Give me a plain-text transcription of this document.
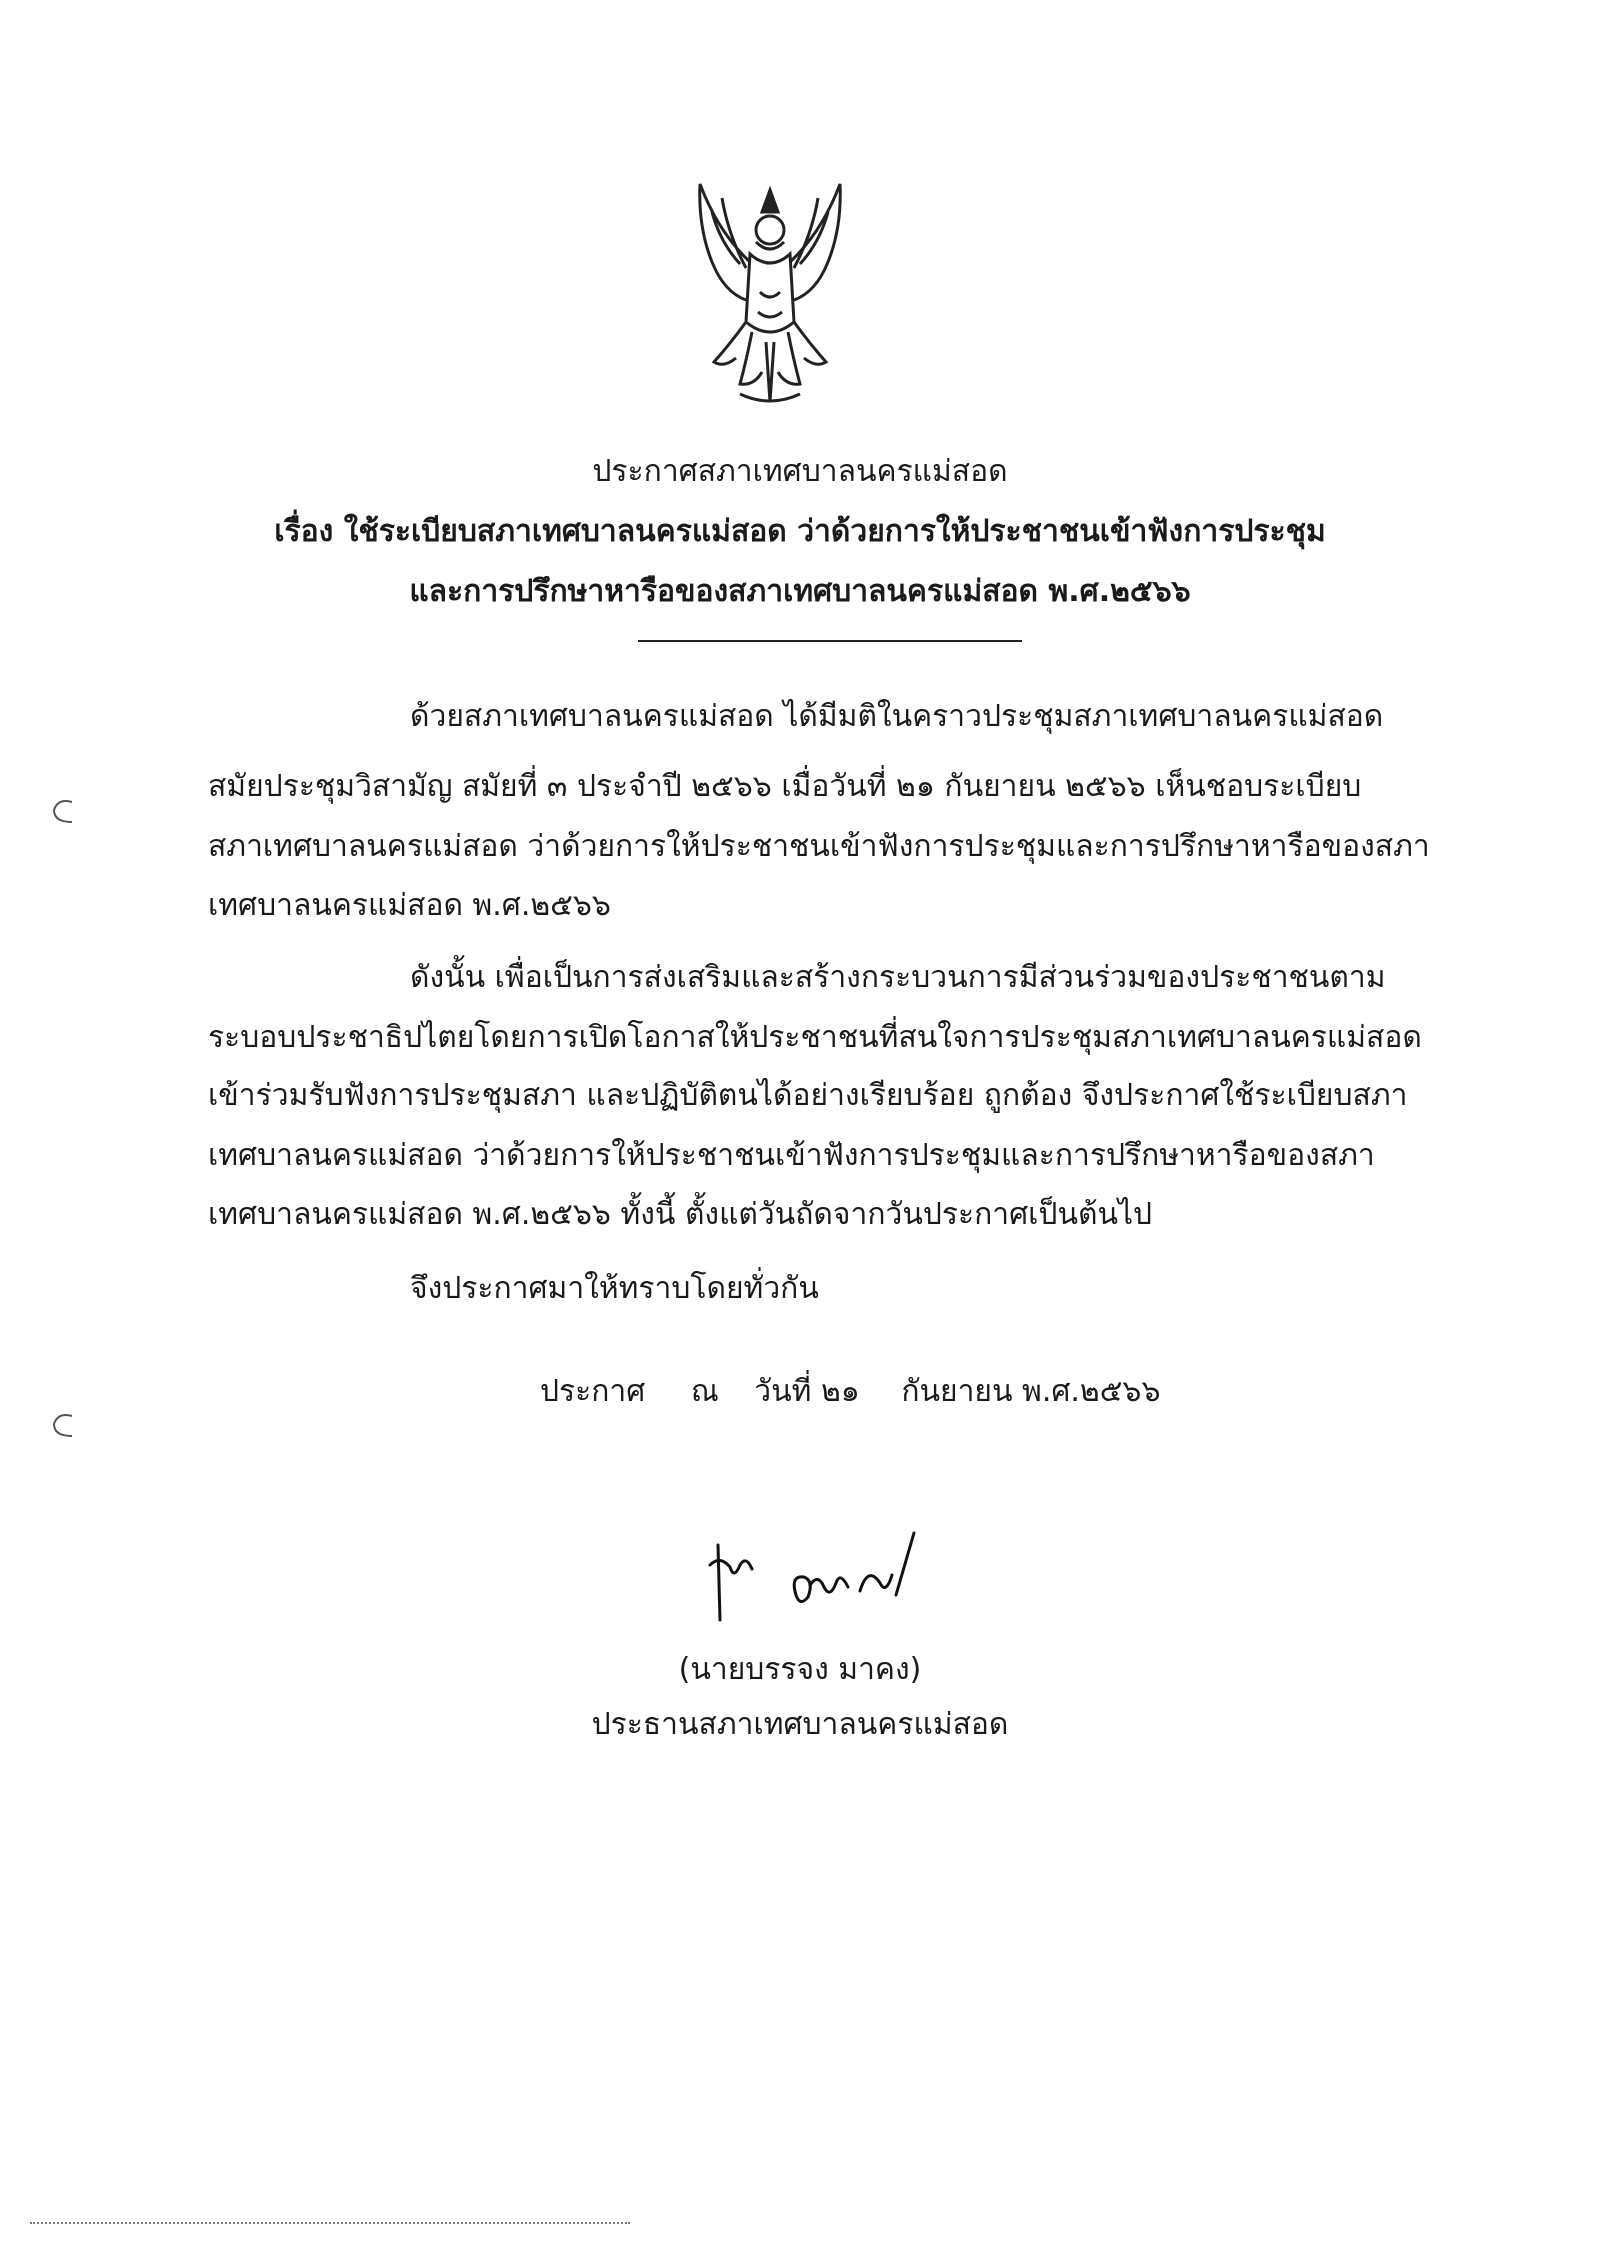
ประกาศสภาเทศบาลนครแม่สอด
เรื่อง ใช้ระเบียบสภาเทศบาลนครแม่สอด ว่าด้วยการให้ประชาชนเข้าฟังการประชุม
และการปรึกษาหารือของสภาเทศบาลนครแม่สอด พ.ศ.๒๕๖๖
ด้วยสภาเทศบาลนครแม่สอด ได้มีมติในคราวประชุมสภาเทศบาลนครแม่สอด
สมัยประชุมวิสามัญ สมัยที่ ๓ ประจำปี ๒๕๖๖ เมื่อวันที่ ๒๑ กันยายน ๒๕๖๖ เห็นชอบระเบียบ
สภาเทศบาลนครแม่สอด ว่าด้วยการให้ประชาชนเข้าฟังการประชุมและการปรึกษาหารือของสภา
เทศบาลนครแม่สอด พ.ศ.๒๕๖๖
ดังนั้น เพื่อเป็นการส่งเสริมและสร้างกระบวนการมีส่วนร่วมของประชาชนตาม
ระบอบประชาธิปไตยโดยการเปิดโอกาสให้ประชาชนที่สนใจการประชุมสภาเทศบาลนครแม่สอด
เข้าร่วมรับฟังการประชุมสภา และปฏิบัติตนได้อย่างเรียบร้อย ถูกต้อง จึงประกาศใช้ระเบียบสภา
เทศบาลนครแม่สอด ว่าด้วยการให้ประชาชนเข้าฟังการประชุมและการปรึกษาหารือของสภา
เทศบาลนครแม่สอด พ.ศ.๒๕๖๖ ทั้งนี้ ตั้งแต่วันถัดจากวันประกาศเป็นต้นไป
จึงประกาศมาให้ทราบโดยทั่วกัน
ประกาศ ณ วันที่ ๒๑ กันยายน พ.ศ.๒๕๖๖
(นายบรรจง มาคง)
ประธานสภาเทศบาลนครแม่สอด
